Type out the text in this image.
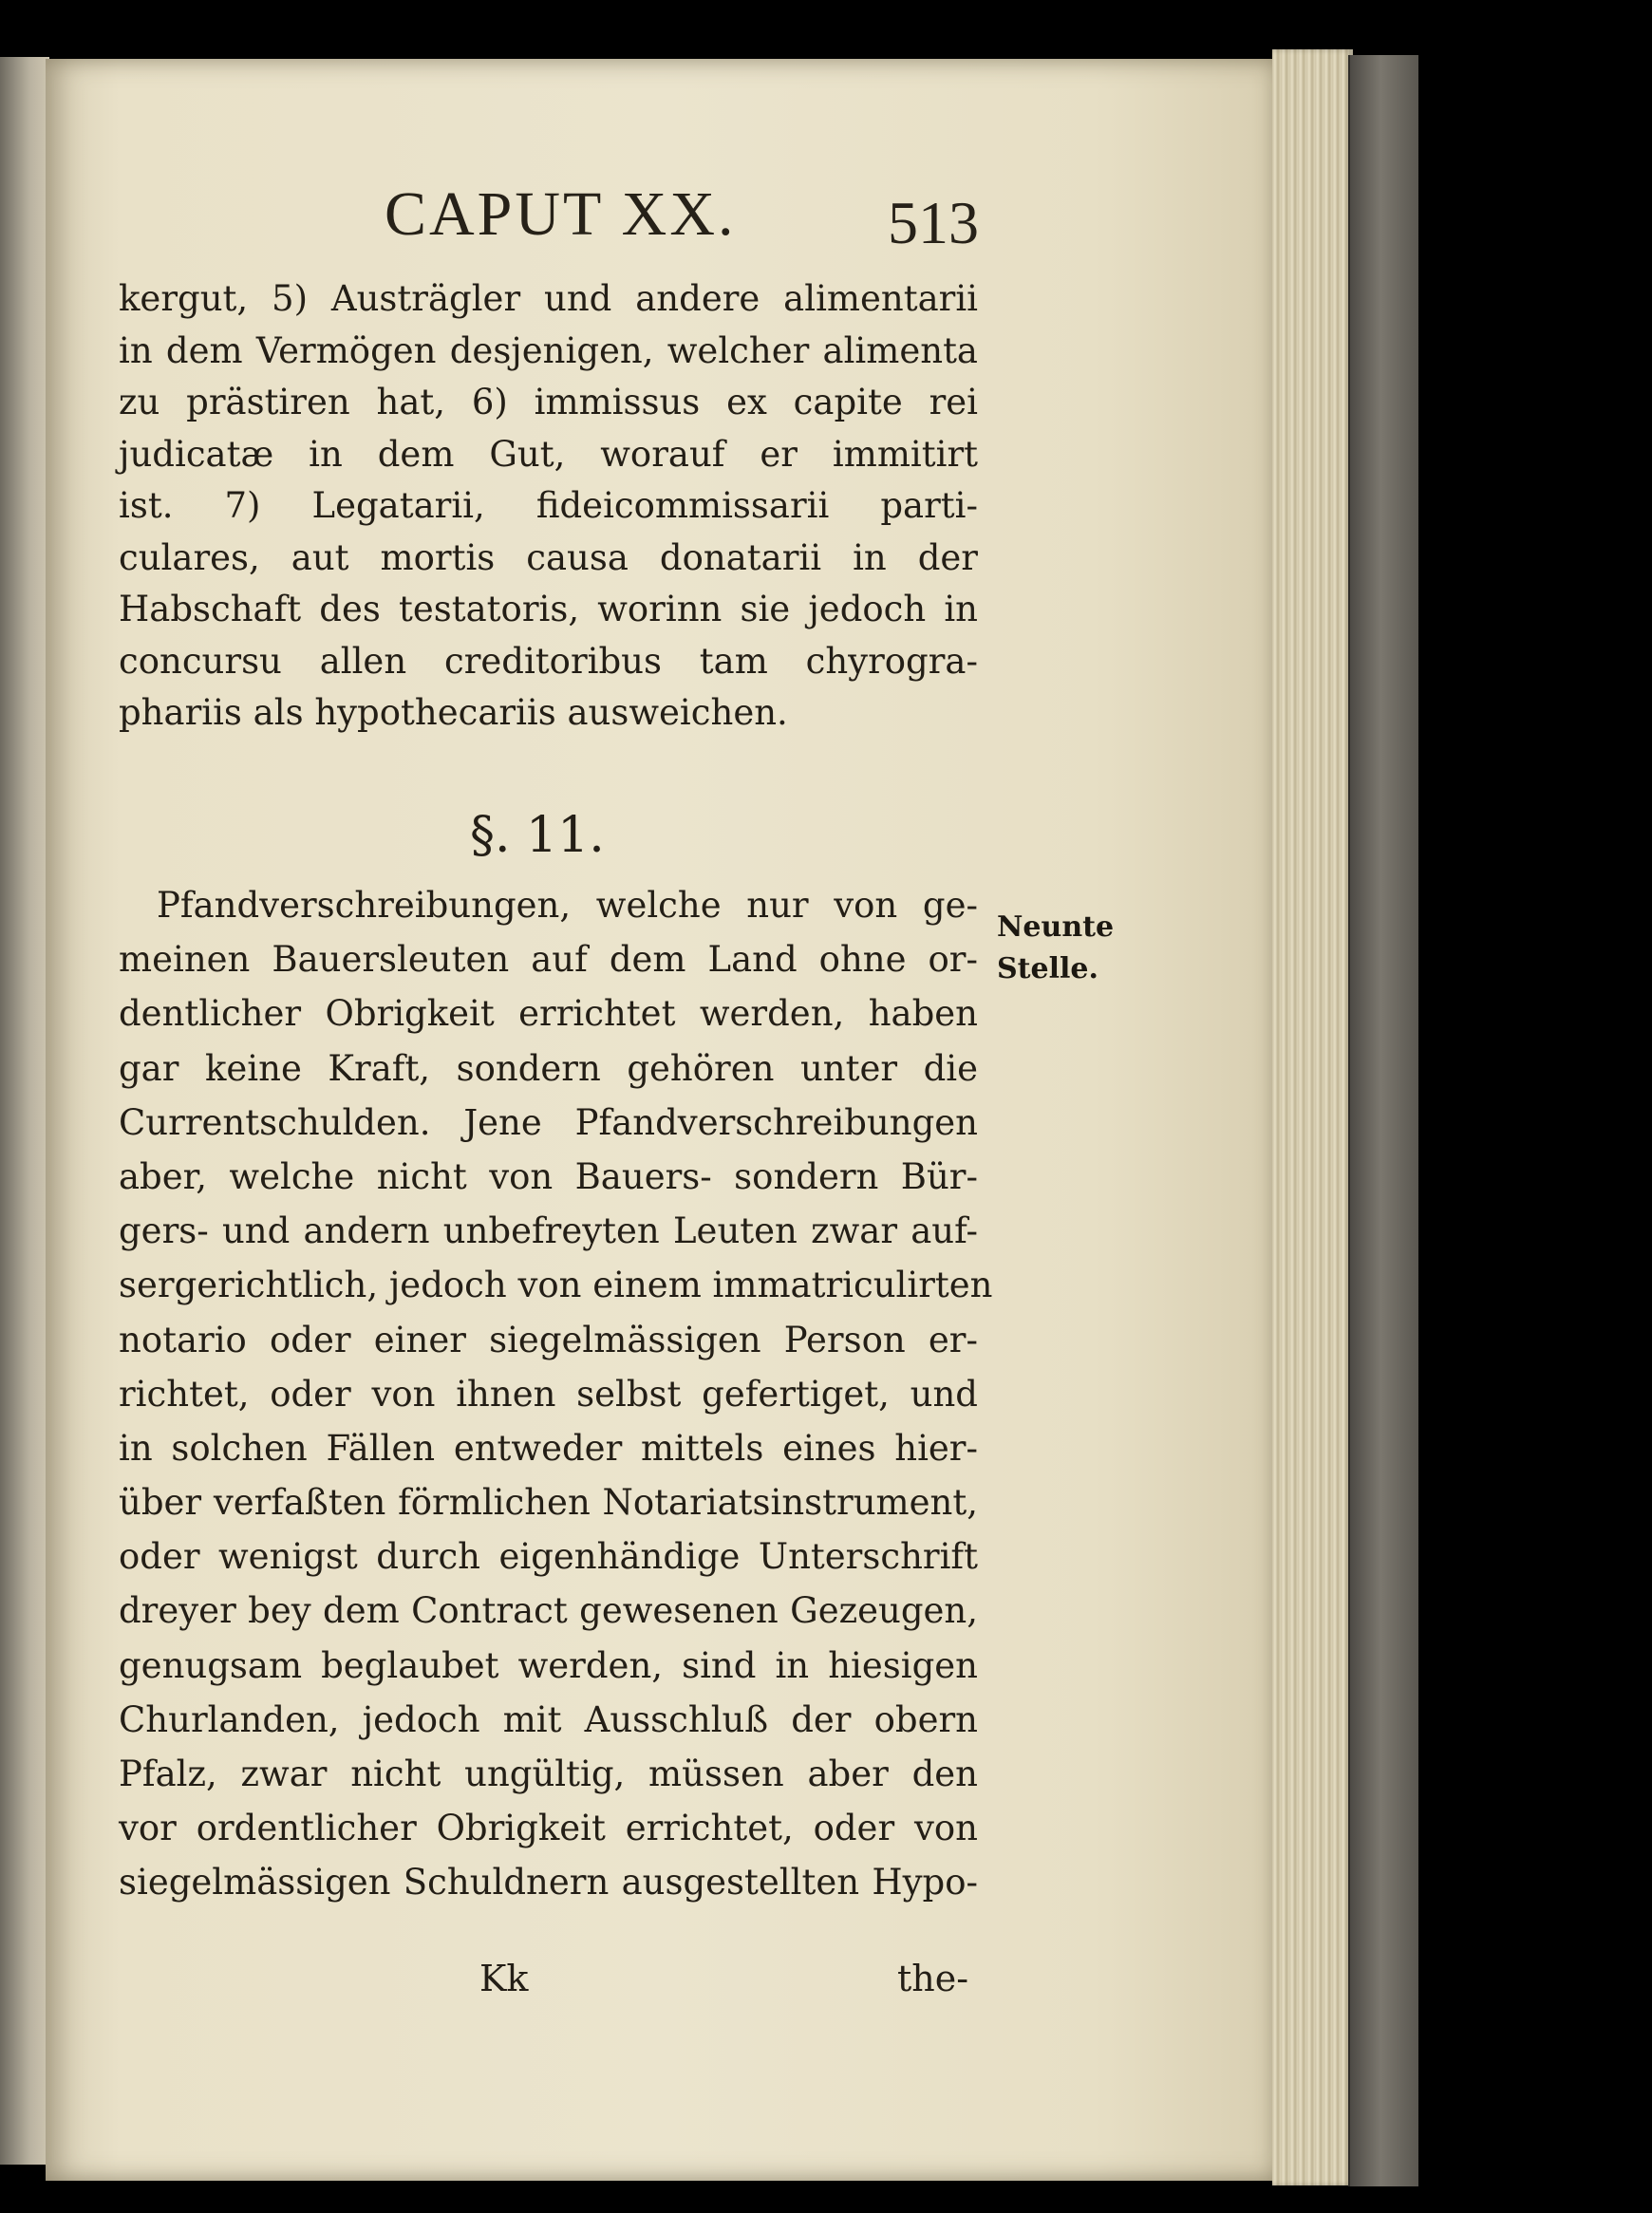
CAPUT XX. 513
kergut, 5) Austrägler und andere alimentarii
in dem Vermögen desjenigen, welcher alimenta
zu prästiren hat, 6) immissus ex capite rei
judicatæ in dem Gut, worauf er immitirt
ist. 7) Legatarii, fideicommissarii parti-
culares, aut mortis causa donatarii in der
Habschaft des testatoris, worinn sie jedoch in
concursu allen creditoribus tam chyrogra-
phariis als hypothecariis ausweichen.
§. 11.
Neunte
Stelle.
Pfandverschreibungen, welche nur von ge-
meinen Bauersleuten auf dem Land ohne or-
dentlicher Obrigkeit errichtet werden, haben
gar keine Kraft, sondern gehören unter die
Currentschulden. Jene Pfandverschreibungen
aber, welche nicht von Bauers- sondern Bür-
gers- und andern unbefreyten Leuten zwar auf-
sergerichtlich, jedoch von einem immatriculirten
notario oder einer siegelmässigen Person er-
richtet, oder von ihnen selbst gefertiget, und
in solchen Fällen entweder mittels eines hier-
über verfaßten förmlichen Notariatsinstrument,
oder wenigst durch eigenhändige Unterschrift
dreyer bey dem Contract gewesenen Gezeugen,
genugsam beglaubet werden, sind in hiesigen
Churlanden, jedoch mit Ausschluß der obern
Pfalz, zwar nicht ungültig, müssen aber den
vor ordentlicher Obrigkeit errichtet, oder von
siegelmässigen Schuldnern ausgestellten Hypo-
Kk	the-
